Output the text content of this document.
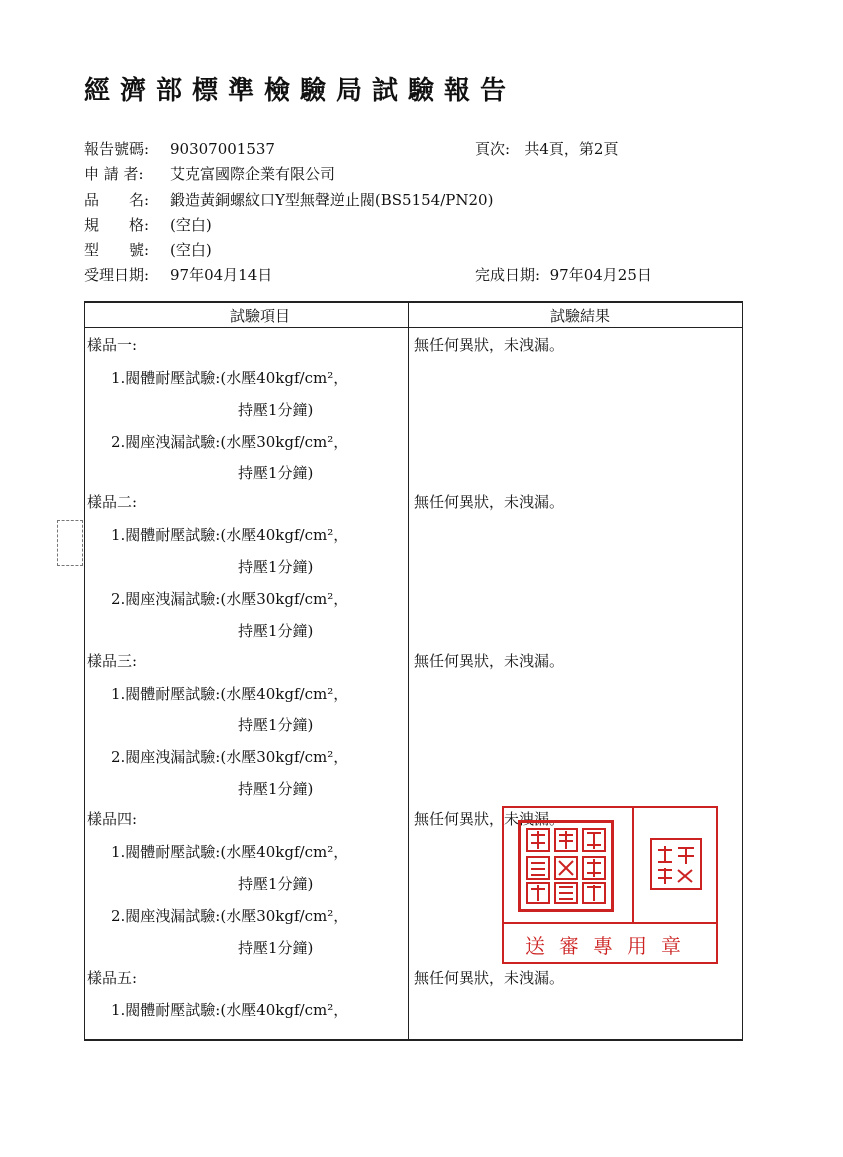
經濟部標準檢驗局試驗報告
報告號碼: 90307001537	頁次: 共4頁，第2頁
申 請 者: 艾克富國際企業有限公司
品　　名: 鍛造黃銅螺紋口Y型無聲逆止閥(BS5154/PN20)
規　　格: (空白)
型　　號: (空白)
受理日期: 97年04月14日	完成日期: 97年04月25日
試驗項目	試驗結果
樣品一:	無任何異狀，未洩漏。
1.閥體耐壓試驗:(水壓40kgf/cm²，
持壓1分鐘)
2.閥座洩漏試驗:(水壓30kgf/cm²，
持壓1分鐘)
樣品二:	無任何異狀，未洩漏。
1.閥體耐壓試驗:(水壓40kgf/cm²，
持壓1分鐘)
2.閥座洩漏試驗:(水壓30kgf/cm²，
持壓1分鐘)
樣品三:	無任何異狀，未洩漏。
1.閥體耐壓試驗:(水壓40kgf/cm²，
持壓1分鐘)
2.閥座洩漏試驗:(水壓30kgf/cm²，
持壓1分鐘)
樣品四:	無任何異狀，未洩漏。
1.閥體耐壓試驗:(水壓40kgf/cm²，
持壓1分鐘)
2.閥座洩漏試驗:(水壓30kgf/cm²，
持壓1分鐘)
樣品五:	無任何異狀，未洩漏。
1.閥體耐壓試驗:(水壓40kgf/cm²，
送審專用章
